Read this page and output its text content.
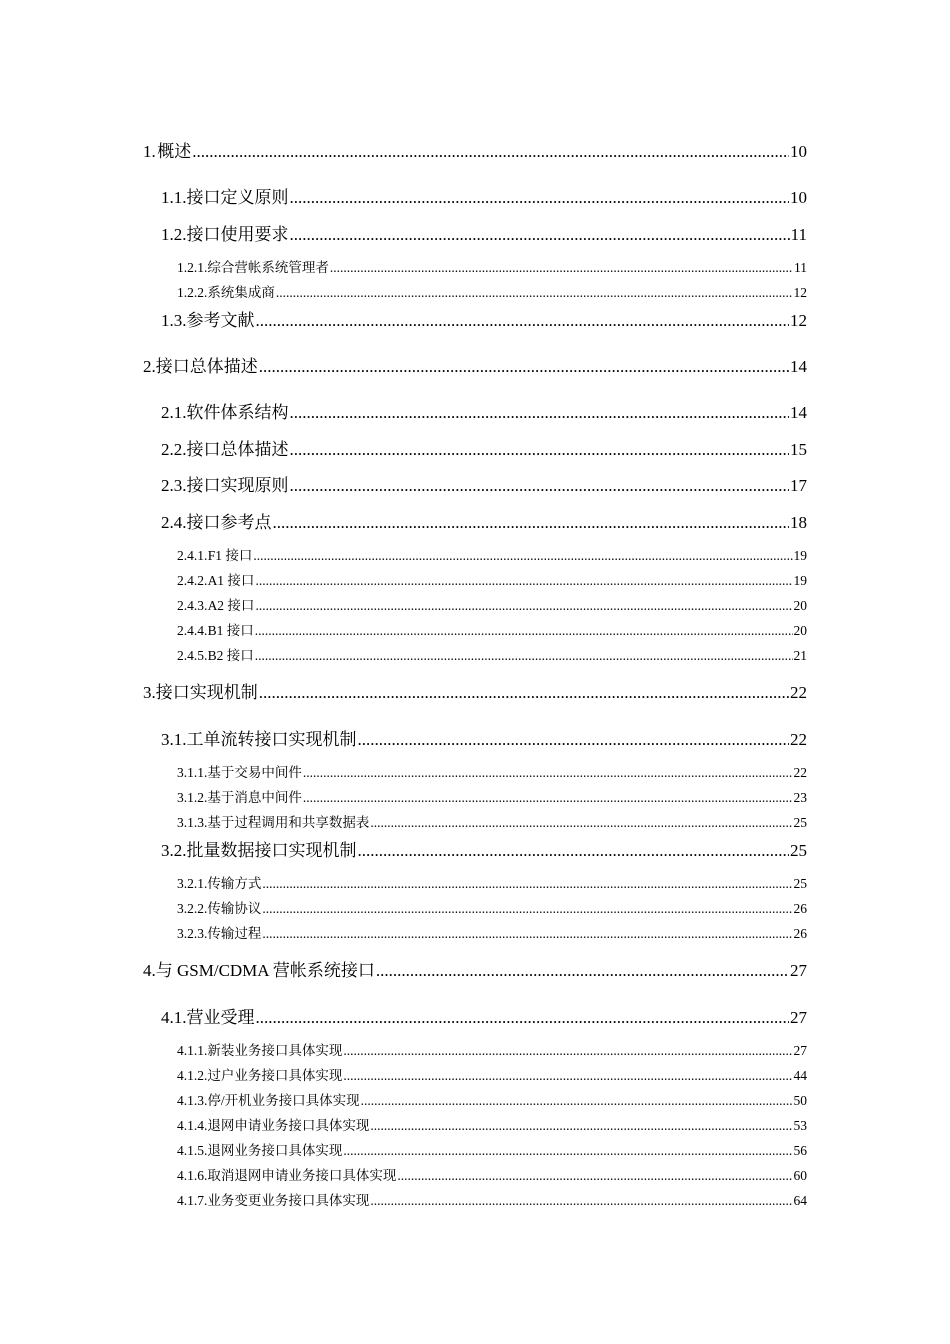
1. 概述 .....	10
1.1. 接口定义原则 .....	10
1.2. 接口使用要求 .....	11
1.2.1. 综合营帐系统管理者 .....	11
1.2.2. 系统集成商 .....	12
1.3. 参考文献 .....	12
2. 接口总体描述 .....	14
2.1. 软件体系结构 .....	14
2.2. 接口总体描述 .....	15
2.3. 接口实现原则 .....	17
2.4. 接口参考点 .....	18
2.4.1. F1 接口 .....	19
2.4.2. A1 接口 .....	19
2.4.3. A2 接口 .....	20
2.4.4. B1 接口 .....	20
2.4.5. B2 接口 .....	21
3. 接口实现机制 .....	22
3.1. 工单流转接口实现机制 .....	22
3.1.1. 基于交易中间件 .....	22
3.1.2. 基于消息中间件 .....	23
3.1.3. 基于过程调用和共享数据表 .....	25
3.2. 批量数据接口实现机制 .....	25
3.2.1. 传输方式 .....	25
3.2.2. 传输协议 .....	26
3.2.3. 传输过程 .....	26
4. 与 GSM/CDMA 营帐系统接口 .....	27
4.1. 营业受理 .....	27
4.1.1. 新装业务接口具体实现 .....	27
4.1.2. 过户业务接口具体实现 .....	44
4.1.3. 停/开机业务接口具体实现 .....	50
4.1.4. 退网申请业务接口具体实现 .....	53
4.1.5. 退网业务接口具体实现 .....	56
4.1.6. 取消退网申请业务接口具体实现 .....	60
4.1.7. 业务变更业务接口具体实现 .....	64
